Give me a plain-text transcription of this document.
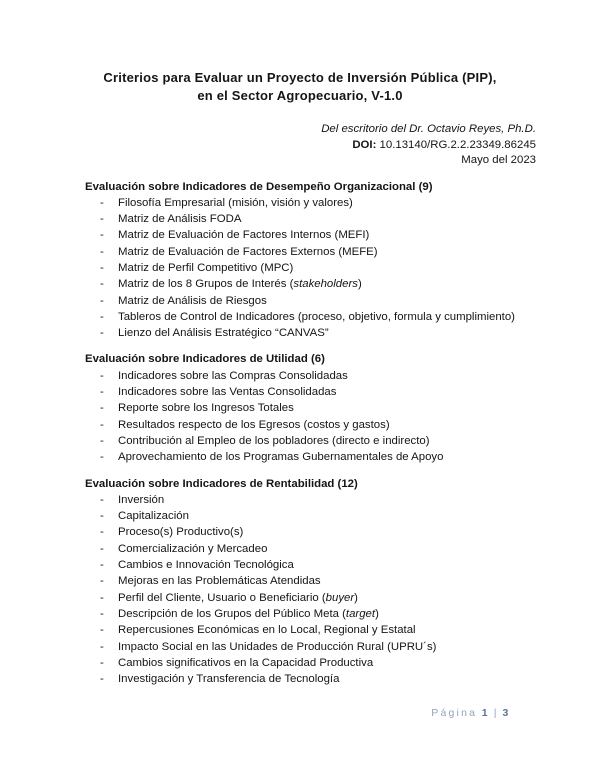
Criterios para Evaluar un Proyecto de Inversión Pública (PIP),
en el Sector Agropecuario, V-1.0
Del escritorio del Dr. Octavio Reyes, Ph.D.
DOI: 10.13140/RG.2.2.23349.86245
Mayo del 2023
Evaluación sobre Indicadores de Desempeño Organizacional (9)
-	Filosofía Empresarial (misión, visión y valores)
-	Matriz de Análisis FODA
-	Matriz de Evaluación de Factores Internos (MEFI)
-	Matriz de Evaluación de Factores Externos (MEFE)
-	Matriz de Perfil Competitivo (MPC)
-	Matriz de los 8 Grupos de Interés (stakeholders)
-	Matriz de Análisis de Riesgos
-	Tableros de Control de Indicadores (proceso, objetivo, formula y cumplimiento)
-	Lienzo del Análisis Estratégico “CANVAS”
Evaluación sobre Indicadores de Utilidad (6)
-	Indicadores sobre las Compras Consolidadas
-	Indicadores sobre las Ventas Consolidadas
-	Reporte sobre los Ingresos Totales
-	Resultados respecto de los Egresos (costos y gastos)
-	Contribución al Empleo de los pobladores (directo e indirecto)
-	Aprovechamiento de los Programas Gubernamentales de Apoyo
Evaluación sobre Indicadores de Rentabilidad (12)
-	Inversión
-	Capitalización
-	Proceso(s) Productivo(s)
-	Comercialización y Mercadeo
-	Cambios e Innovación Tecnológica
-	Mejoras en las Problemáticas Atendidas
-	Perfil del Cliente, Usuario o Beneficiario (buyer)
-	Descripción de los Grupos del Público Meta (target)
-	Repercusiones Económicas en lo Local, Regional y Estatal
-	Impacto Social en las Unidades de Producción Rural (UPRU´s)
-	Cambios significativos en la Capacidad Productiva
-	Investigación y Transferencia de Tecnología
Página 1 | 3
